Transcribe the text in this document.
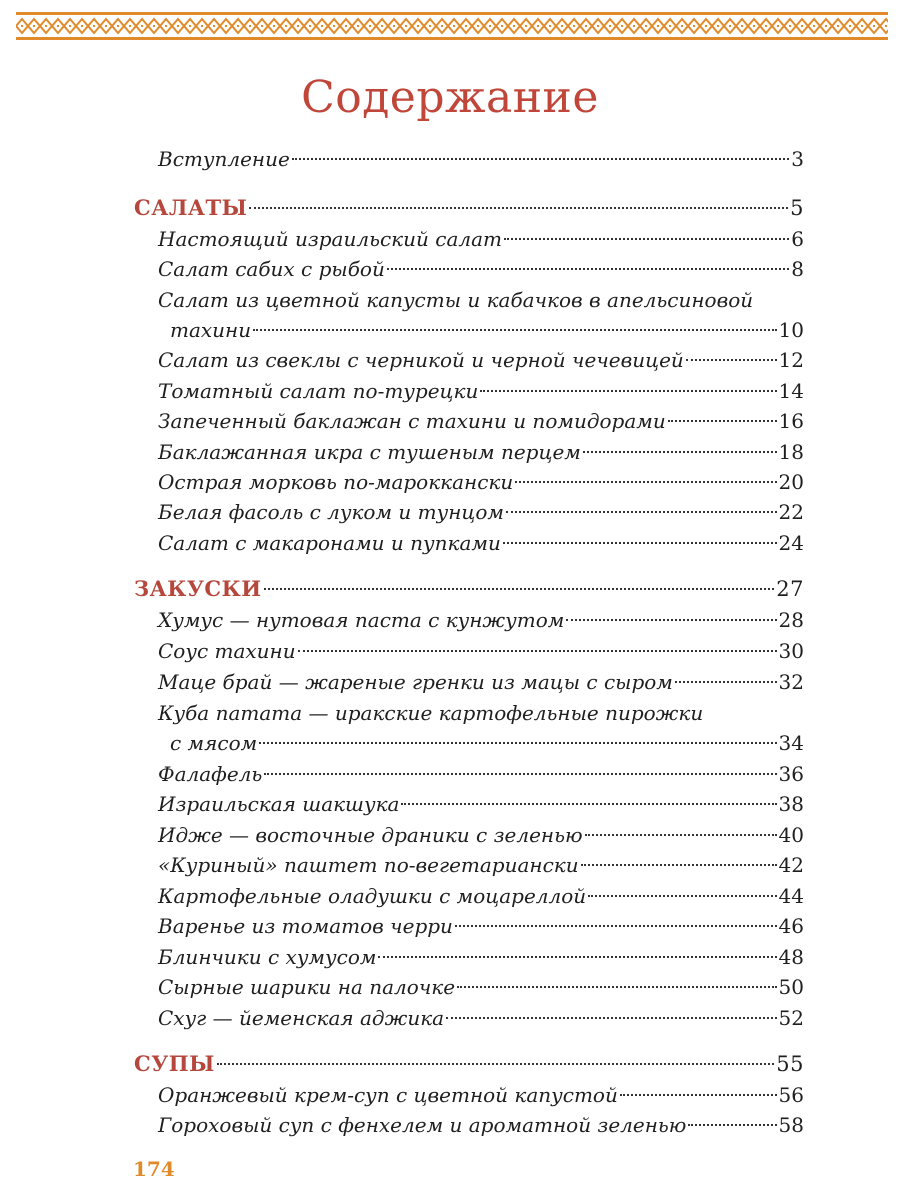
Содержание
Вступление	3
САЛАТЫ	5
Настоящий израильский салат	6
Салат сабих с рыбой	8
Салат из цветной капусты и кабачков в апельсиновой
тахини	10
Салат из свеклы с черникой и черной чечевицей	12
Томатный салат по-турецки	14
Запеченный баклажан с тахини и помидорами	16
Баклажанная икра с тушеным перцем	18
Острая морковь по-мароккански	20
Белая фасоль с луком и тунцом	22
Салат с макаронами и пупками	24
ЗАКУСКИ	27
Хумус — нутовая паста с кунжутом	28
Соус тахини	30
Маце брай — жареные гренки из мацы с сыром	32
Куба патата — иракские картофельные пирожки
с мясом	34
Фалафель	36
Израильская шакшука	38
Идже — восточные драники с зеленью	40
«Куриный» паштет по-вегетариански	42
Картофельные оладушки с моцареллой	44
Варенье из томатов черри	46
Блинчики с хумусом	48
Сырные шарики на палочке	50
Схуг — йеменская аджика	52
СУПЫ	55
Оранжевый крем-суп с цветной капустой	56
Гороховый суп с фенхелем и ароматной зеленью	58
174
